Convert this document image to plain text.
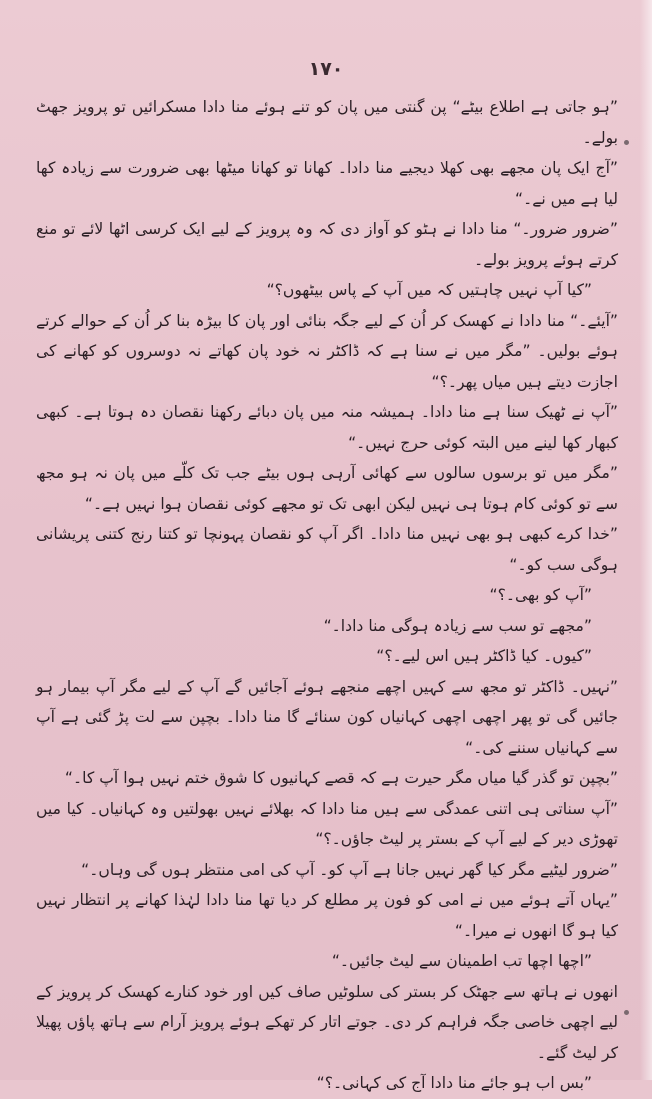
۱۷۰

”ہو جاتی ہے اطلاع بیٹے“ پن گنتی میں پان کو تنے ہوئے منا دادا مسکرائیں تو پرویز جھٹ بولے۔

”آج ایک پان مجھے بھی کھلا دیجیے منا دادا۔ کھانا تو کھانا میٹھا بھی ضرورت سے زیادہ کھا لیا ہے میں نے۔“

”ضرور ضرور۔“ منا دادا نے ہٹو کو آواز دی کہ وہ پرویز کے لیے ایک کرسی اٹھا لائے تو منع کرتے ہوئے پرویز بولے۔

”کیا آپ نہیں چاہتیں کہ میں آپ کے پاس بیٹھوں؟“

”آیئے۔“ منا دادا نے کھسک کر اُن کے لیے جگہ بنائی اور پان کا بیڑہ بنا کر اُن کے حوالے کرتے ہوئے بولیں۔ ”مگر میں نے سنا ہے کہ ڈاکٹر نہ خود پان کھاتے نہ دوسروں کو کھانے کی اجازت دیتے ہیں میاں پھر۔؟“

”آپ نے ٹھیک سنا ہے منا دادا۔ ہمیشہ منہ میں پان دبائے رکھنا نقصان دہ ہوتا ہے۔ کبھی کبھار کھا لینے میں البتہ کوئی حرج نہیں۔“

”مگر میں تو برسوں سالوں سے کھائی آرہی ہوں بیٹے جب تک کلّے میں پان نہ ہو مجھ سے تو کوئی کام ہوتا ہی نہیں لیکن ابھی تک تو مجھے کوئی نقصان ہوا نہیں ہے۔“

”خدا کرے کبھی ہو بھی نہیں منا دادا۔ اگر آپ کو نقصان پہونچا تو کتنا رنج کتنی پریشانی ہوگی سب کو۔“

”آپ کو بھی۔؟“

”مجھے تو سب سے زیادہ ہوگی منا دادا۔“

”کیوں۔ کیا ڈاکٹر ہیں اس لیے۔؟“

”نہیں۔ ڈاکٹر تو مجھ سے کہیں اچھے منجھے ہوئے آجائیں گے آپ کے لیے مگر آپ بیمار ہو جائیں گی تو پھر اچھی اچھی کہانیاں کون سنائے گا منا دادا۔ بچپن سے لت پڑ گئی ہے آپ سے کہانیاں سننے کی۔“

”بچپن تو گذر گیا میاں مگر حیرت ہے کہ قصے کہانیوں کا شوق ختم نہیں ہوا آپ کا۔“

”آپ سناتی ہی اتنی عمدگی سے ہیں منا دادا کہ بھلائے نہیں بھولتیں وہ کہانیاں۔ کیا میں تھوڑی دیر کے لیے آپ کے بستر پر لیٹ جاؤں۔؟“

”ضرور لیٹیے مگر کیا گھر نہیں جانا ہے آپ کو۔ آپ کی امی منتظر ہوں گی وہاں۔“

”یہاں آتے ہوئے میں نے امی کو فون پر مطلع کر دیا تھا منا دادا لہٰذا کھانے پر انتظار نہیں کیا ہو گا انھوں نے میرا۔“

”اچھا اچھا تب اطمینان سے لیٹ جائیں۔“

انھوں نے ہاتھ سے جھٹک کر بستر کی سلوٹیں صاف کیں اور خود کنارے کھسک کر پرویز کے لیے اچھی خاصی جگہ فراہم کر دی۔ جوتے اتار کر تھکے ہوئے پرویز آرام سے ہاتھ پاؤں پھیلا کر لیٹ گئے۔

”بس اب ہو جائے منا دادا آج کی کہانی۔؟“
